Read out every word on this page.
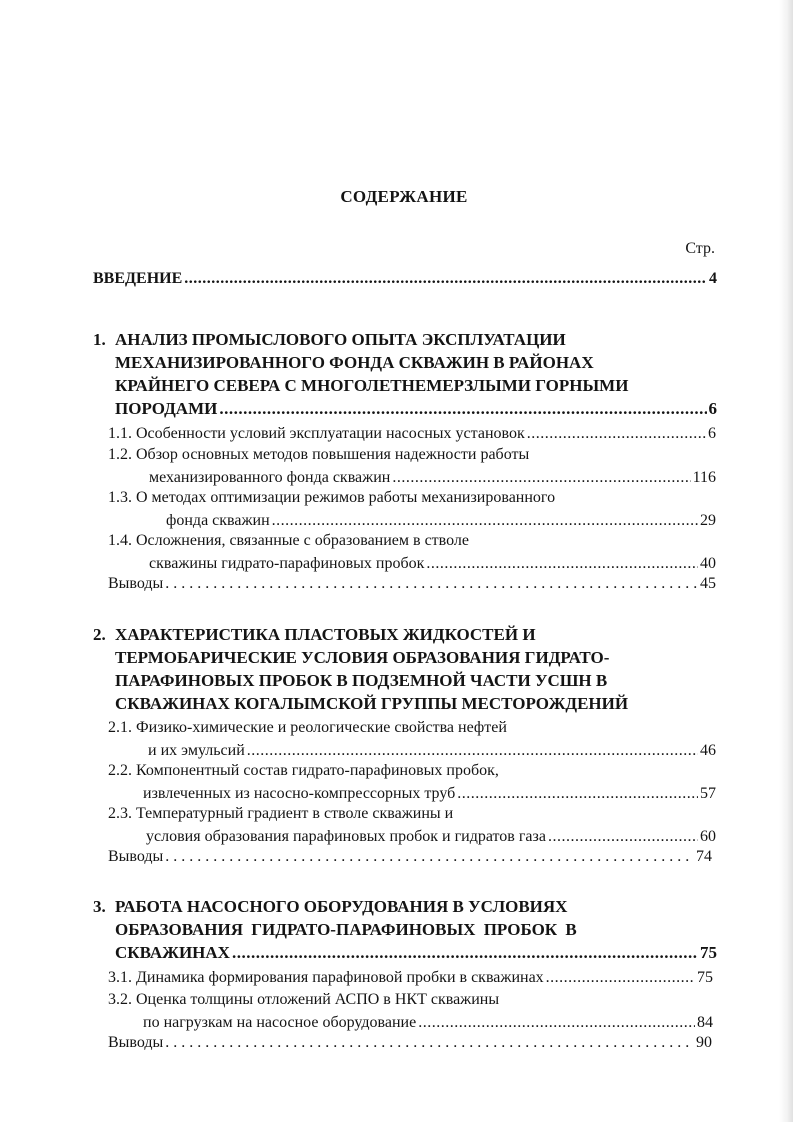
СОДЕРЖАНИЕ
Стр.
ВВЕДЕНИЕ .....	4
1. АНАЛИЗ ПРОМЫСЛОВОГО ОПЫТА ЭКСПЛУАТАЦИИ
МЕХАНИЗИРОВАННОГО ФОНДА СКВАЖИН В РАЙОНАХ
КРАЙНЕГО СЕВЕРА С МНОГОЛЕТНЕМЕРЗЛЫМИ ГОРНЫМИ
ПОРОДАМИ .....	6
1.1. Особенности условий эксплуатации насосных установок .....	6
1.2. Обзор основных методов повышения надежности работы
механизированного фонда скважин .....	116
1.3. О методах оптимизации режимов работы механизированного
фонда скважин .....	29
1.4. Осложнения, связанные с образованием в стволе
скважины гидрато-парафиновых пробок .....	40
Выводы . . .	45
2. ХАРАКТЕРИСТИКА ПЛАСТОВЫХ ЖИДКОСТЕЙ И
ТЕРМОБАРИЧЕСКИЕ УСЛОВИЯ ОБРАЗОВАНИЯ ГИДРАТО-
ПАРАФИНОВЫХ ПРОБОК В ПОДЗЕМНОЙ ЧАСТИ УСШН В
СКВАЖИНАХ КОГАЛЫМСКОЙ ГРУППЫ МЕСТОРОЖДЕНИЙ
2.1. Физико-химические и реологические свойства нефтей
и их эмульсий .....	46
2.2. Компонентный состав гидрато-парафиновых пробок,
извлеченных из насосно-компрессорных труб .....	57
2.3. Температурный градиент в стволе скважины и
условия образования парафиновых пробок и гидратов газа .....	60
Выводы . . .	74
3. РАБОТА НАСОСНОГО ОБОРУДОВАНИЯ В УСЛОВИЯХ
ОБРАЗОВАНИЯ ГИДРАТО-ПАРАФИНОВЫХ ПРОБОК В
СКВАЖИНАХ .....	75
3.1. Динамика формирования парафиновой пробки в скважинах .....	75
3.2. Оценка толщины отложений АСПО в НКТ скважины
по нагрузкам на насосное оборудование .....	84
Выводы . . .	90
